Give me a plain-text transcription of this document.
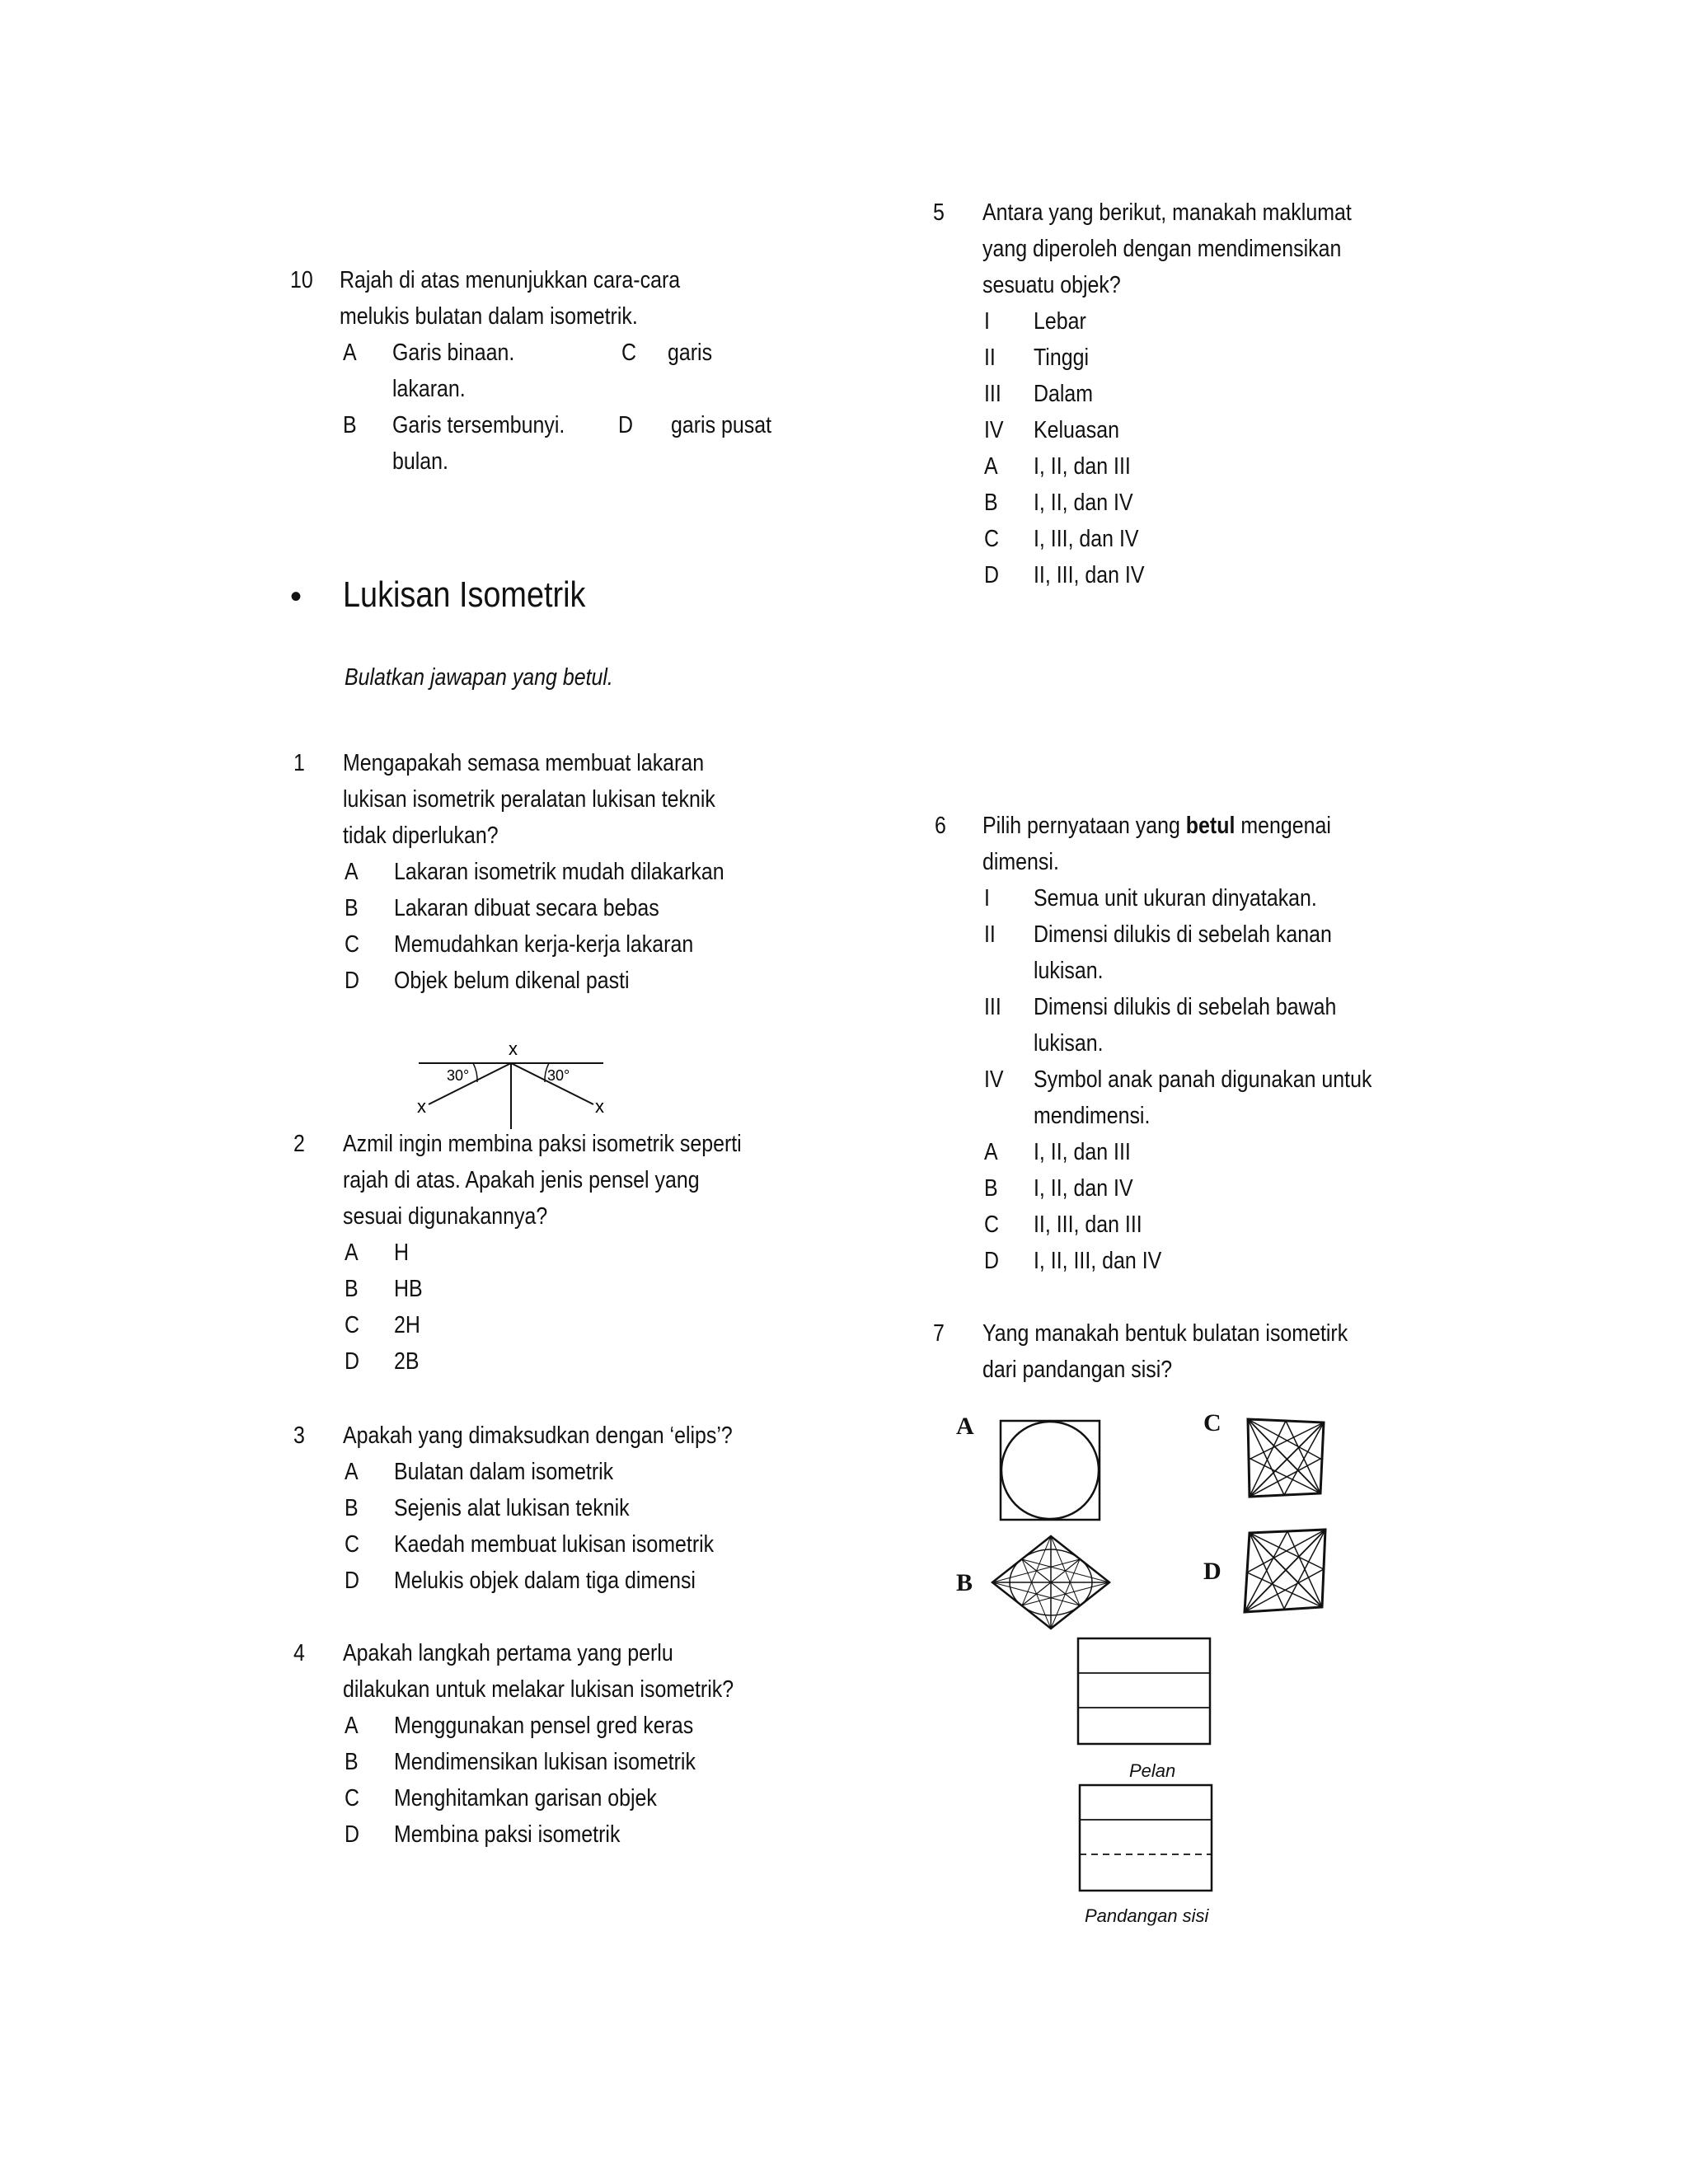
10 Rajah di atas menunjukkan cara-cara
melukis bulatan dalam isometrik.
A Garis binaan.	C garis
lakaran.
B Garis tersembunyi. D garis pusat
bulan.
• Lukisan Isometrik
Bulatkan jawapan yang betul.
1 Mengapakah semasa membuat lakaran
lukisan isometrik peralatan lukisan teknik
tidak diperlukan?
A Lakaran isometrik mudah dilakarkan
B Lakaran dibuat secara bebas
C Memudahkan kerja-kerja lakaran
D Objek belum dikenal pasti
x
x	x
30°	30°
2 Azmil ingin membina paksi isometrik seperti
rajah di atas. Apakah jenis pensel yang
sesuai digunakannya?
A H
B HB
C 2H
D 2B
3 Apakah yang dimaksudkan dengan ‘elips’?
A Bulatan dalam isometrik
B Sejenis alat lukisan teknik
C Kaedah membuat lukisan isometrik
D Melukis objek dalam tiga dimensi
4 Apakah langkah pertama yang perlu
dilakukan untuk melakar lukisan isometrik?
A Menggunakan pensel gred keras
B Mendimensikan lukisan isometrik
C Menghitamkan garisan objek
D Membina paksi isometrik
5 Antara yang berikut, manakah maklumat
yang diperoleh dengan mendimensikan
sesuatu objek?
I Lebar
II Tinggi
III Dalam
IV Keluasan
A I, II, dan III
B I, II, dan IV
C I, III, dan IV
D II, III, dan IV
6 Pilih pernyataan yang betul mengenai
dimensi.
I Semua unit ukuran dinyatakan.
II Dimensi dilukis di sebelah kanan
lukisan.
III Dimensi dilukis di sebelah bawah
lukisan.
IV Symbol anak panah digunakan untuk
mendimensi.
A I, II, dan III
B I, II, dan IV
C II, III, dan III
D I, II, III, dan IV
7 Yang manakah bentuk bulatan isometirk
dari pandangan sisi?
A
B
C
D
Pelan
Pandangan sisi
